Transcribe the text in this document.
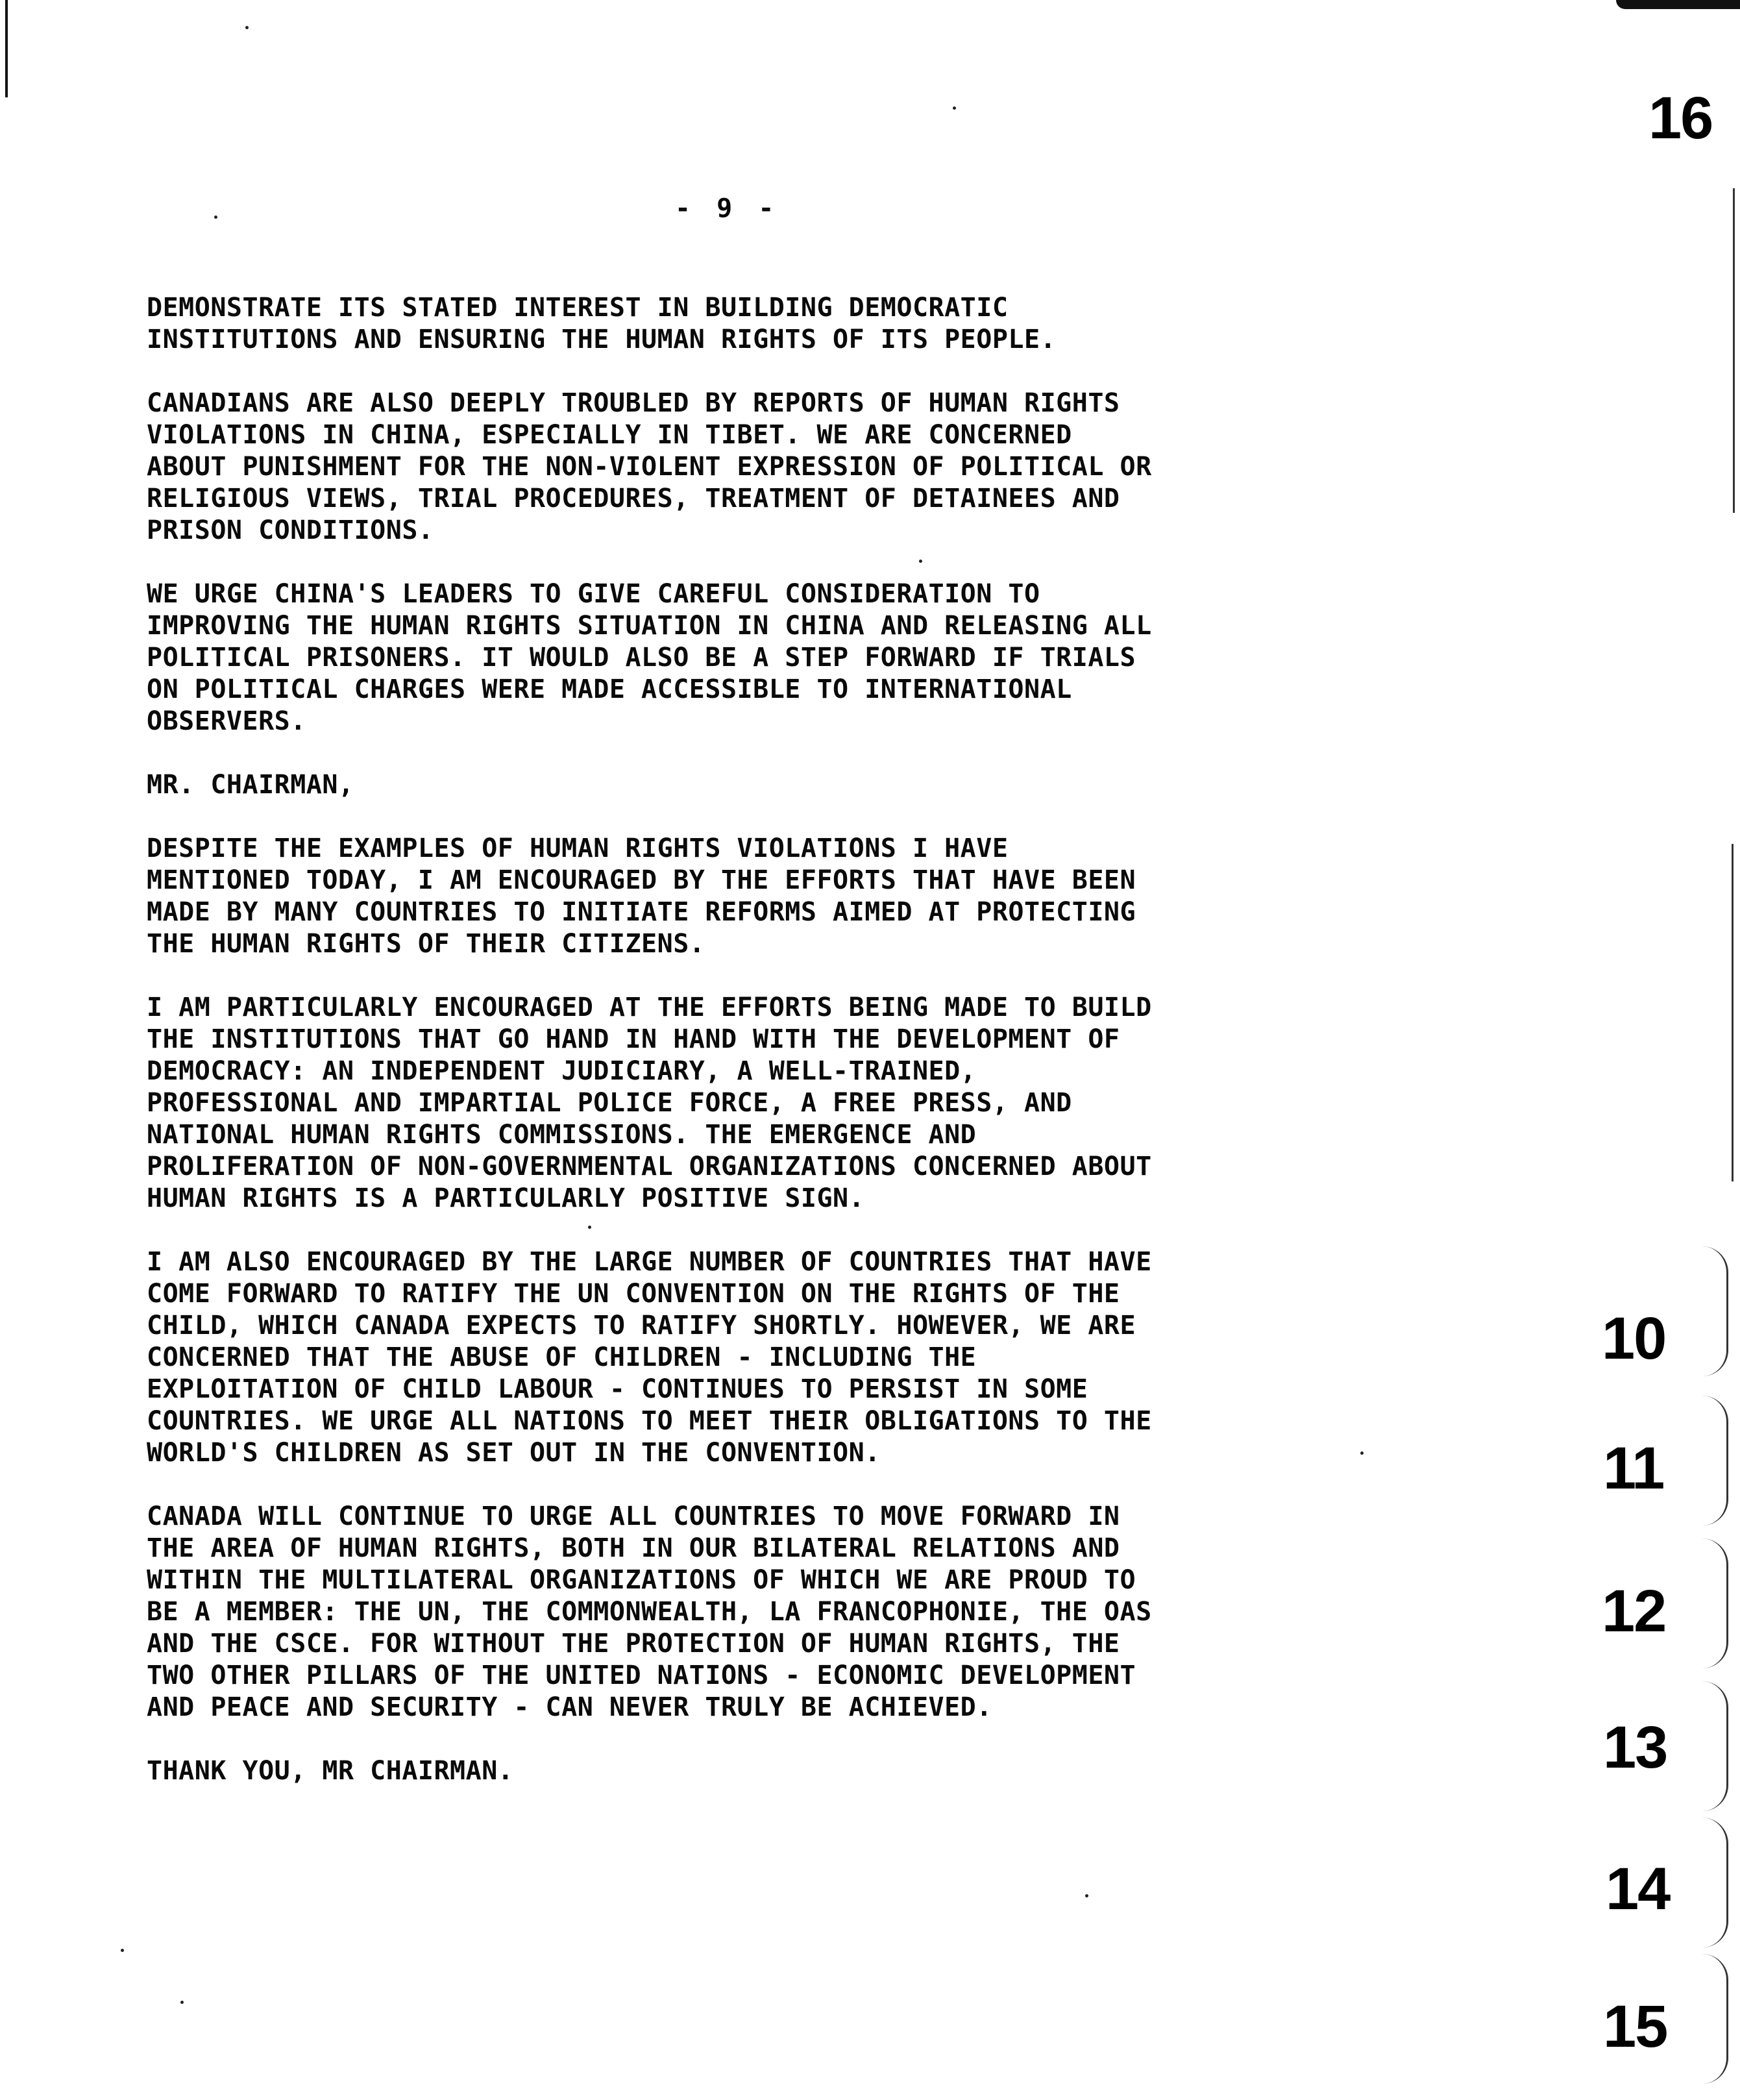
- 9 -

DEMONSTRATE ITS STATED INTEREST IN BUILDING DEMOCRATIC
INSTITUTIONS AND ENSURING THE HUMAN RIGHTS OF ITS PEOPLE.

CANADIANS ARE ALSO DEEPLY TROUBLED BY REPORTS OF HUMAN RIGHTS
VIOLATIONS IN CHINA, ESPECIALLY IN TIBET. WE ARE CONCERNED
ABOUT PUNISHMENT FOR THE NON-VIOLENT EXPRESSION OF POLITICAL OR
RELIGIOUS VIEWS, TRIAL PROCEDURES, TREATMENT OF DETAINEES AND
PRISON CONDITIONS.

WE URGE CHINA'S LEADERS TO GIVE CAREFUL CONSIDERATION TO
IMPROVING THE HUMAN RIGHTS SITUATION IN CHINA AND RELEASING ALL
POLITICAL PRISONERS. IT WOULD ALSO BE A STEP FORWARD IF TRIALS
ON POLITICAL CHARGES WERE MADE ACCESSIBLE TO INTERNATIONAL
OBSERVERS.

MR. CHAIRMAN,

DESPITE THE EXAMPLES OF HUMAN RIGHTS VIOLATIONS I HAVE
MENTIONED TODAY, I AM ENCOURAGED BY THE EFFORTS THAT HAVE BEEN
MADE BY MANY COUNTRIES TO INITIATE REFORMS AIMED AT PROTECTING
THE HUMAN RIGHTS OF THEIR CITIZENS.

I AM PARTICULARLY ENCOURAGED AT THE EFFORTS BEING MADE TO BUILD
THE INSTITUTIONS THAT GO HAND IN HAND WITH THE DEVELOPMENT OF
DEMOCRACY: AN INDEPENDENT JUDICIARY, A WELL-TRAINED,
PROFESSIONAL AND IMPARTIAL POLICE FORCE, A FREE PRESS, AND
NATIONAL HUMAN RIGHTS COMMISSIONS. THE EMERGENCE AND
PROLIFERATION OF NON-GOVERNMENTAL ORGANIZATIONS CONCERNED ABOUT
HUMAN RIGHTS IS A PARTICULARLY POSITIVE SIGN.

I AM ALSO ENCOURAGED BY THE LARGE NUMBER OF COUNTRIES THAT HAVE
COME FORWARD TO RATIFY THE UN CONVENTION ON THE RIGHTS OF THE
CHILD, WHICH CANADA EXPECTS TO RATIFY SHORTLY. HOWEVER, WE ARE
CONCERNED THAT THE ABUSE OF CHILDREN - INCLUDING THE
EXPLOITATION OF CHILD LABOUR - CONTINUES TO PERSIST IN SOME
COUNTRIES. WE URGE ALL NATIONS TO MEET THEIR OBLIGATIONS TO THE
WORLD'S CHILDREN AS SET OUT IN THE CONVENTION.

CANADA WILL CONTINUE TO URGE ALL COUNTRIES TO MOVE FORWARD IN
THE AREA OF HUMAN RIGHTS, BOTH IN OUR BILATERAL RELATIONS AND
WITHIN THE MULTILATERAL ORGANIZATIONS OF WHICH WE ARE PROUD TO
BE A MEMBER: THE UN, THE COMMONWEALTH, LA FRANCOPHONIE, THE OAS
AND THE CSCE. FOR WITHOUT THE PROTECTION OF HUMAN RIGHTS, THE
TWO OTHER PILLARS OF THE UNITED NATIONS - ECONOMIC DEVELOPMENT
AND PEACE AND SECURITY - CAN NEVER TRULY BE ACHIEVED.

THANK YOU, MR CHAIRMAN.

16
10
11
12
13
14
15
